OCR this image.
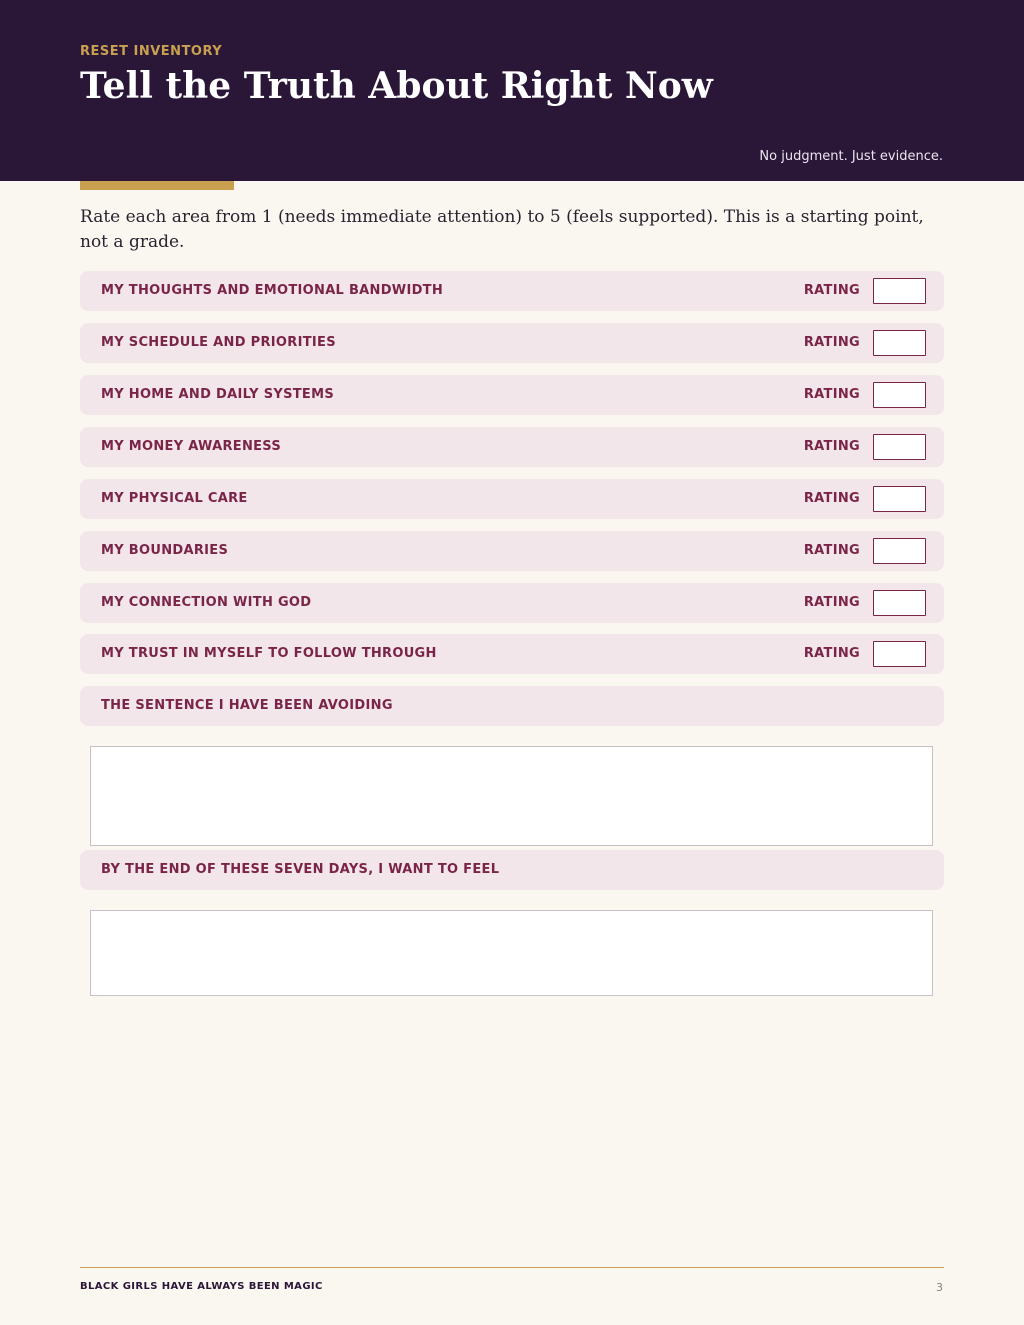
RESET INVENTORY
Tell the Truth About Right Now
No judgment. Just evidence.

Rate each area from 1 (needs immediate attention) to 5 (feels supported). This is a starting point, not a grade.

MY THOUGHTS AND EMOTIONAL BANDWIDTH	RATING
MY SCHEDULE AND PRIORITIES	RATING
MY HOME AND DAILY SYSTEMS	RATING
MY MONEY AWARENESS	RATING
MY PHYSICAL CARE	RATING
MY BOUNDARIES	RATING
MY CONNECTION WITH GOD	RATING
MY TRUST IN MYSELF TO FOLLOW THROUGH	RATING
THE SENTENCE I HAVE BEEN AVOIDING
BY THE END OF THESE SEVEN DAYS, I WANT TO FEEL
BLACK GIRLS HAVE ALWAYS BEEN MAGIC	3
